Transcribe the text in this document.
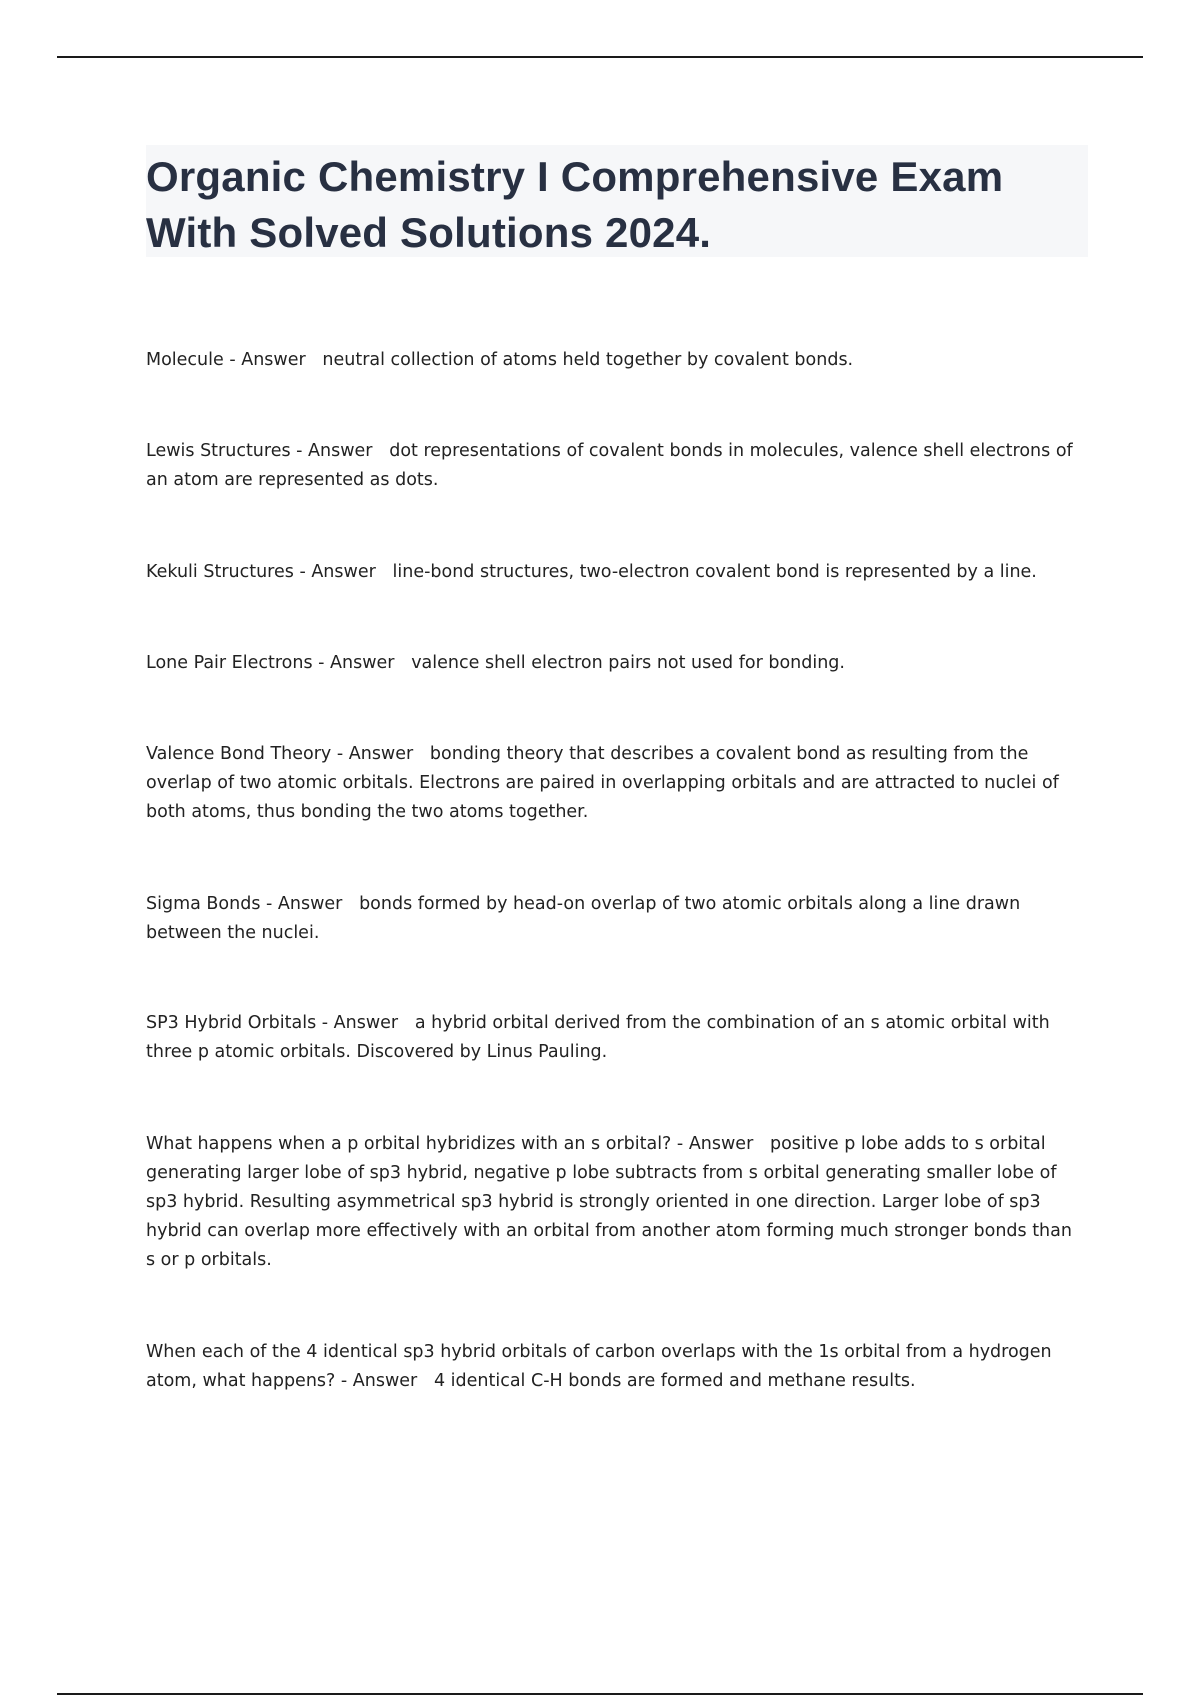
Organic Chemistry I Comprehensive Exam With Solved Solutions 2024.

Molecule - Answer neutral collection of atoms held together by covalent bonds.

Lewis Structures - Answer dot representations of covalent bonds in molecules, valence shell electrons of an atom are represented as dots.

Kekuli Structures - Answer line-bond structures, two-electron covalent bond is represented by a line.

Lone Pair Electrons - Answer valence shell electron pairs not used for bonding.

Valence Bond Theory - Answer bonding theory that describes a covalent bond as resulting from the overlap of two atomic orbitals. Electrons are paired in overlapping orbitals and are attracted to nuclei of both atoms, thus bonding the two atoms together.

Sigma Bonds - Answer bonds formed by head-on overlap of two atomic orbitals along a line drawn between the nuclei.

SP3 Hybrid Orbitals - Answer a hybrid orbital derived from the combination of an s atomic orbital with three p atomic orbitals. Discovered by Linus Pauling.

What happens when a p orbital hybridizes with an s orbital? - Answer positive p lobe adds to s orbital generating larger lobe of sp3 hybrid, negative p lobe subtracts from s orbital generating smaller lobe of sp3 hybrid. Resulting asymmetrical sp3 hybrid is strongly oriented in one direction. Larger lobe of sp3 hybrid can overlap more effectively with an orbital from another atom forming much stronger bonds than s or p orbitals.

When each of the 4 identical sp3 hybrid orbitals of carbon overlaps with the 1s orbital from a hydrogen atom, what happens? - Answer 4 identical C-H bonds are formed and methane results.
